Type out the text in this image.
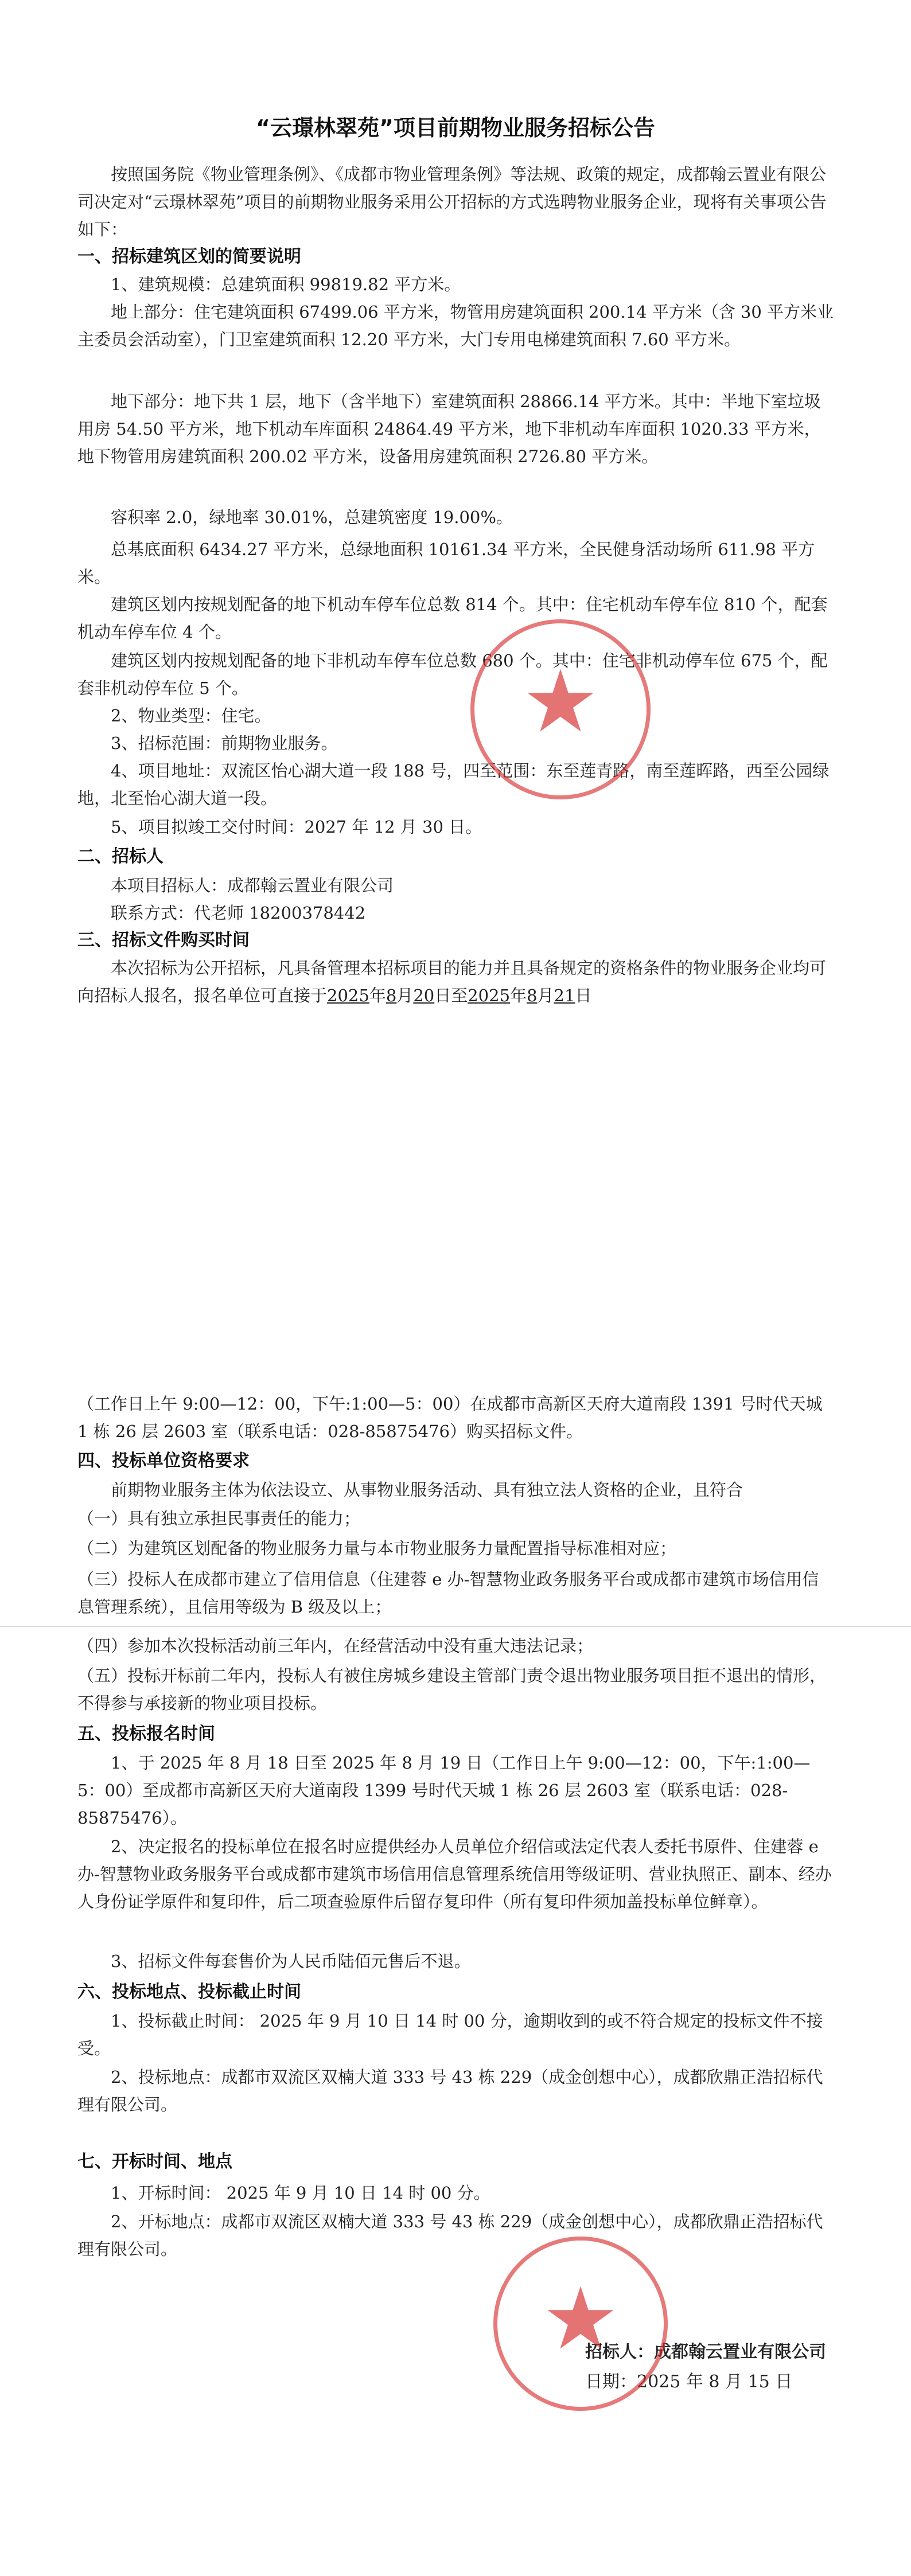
“云璟林翠苑”项目前期物业服务招标公告
按照国务院《物业管理条例》、《成都市物业管理条例》等法规、政策的规定，成都翰云置业有限公司决定对“云璟林翠苑”项目的前期物业服务采用公开招标的方式选聘物业服务企业，现将有关事项公告如下：
一、招标建筑区划的简要说明
1、建筑规模：总建筑面积 99819.82 平方米。
地上部分：住宅建筑面积 67499.06 平方米，物管用房建筑面积 200.14 平方米（含 30 平方米业主委员会活动室），门卫室建筑面积 12.20 平方米，大门专用电梯建筑面积 7.60 平方米。
地下部分：地下共 1 层，地下（含半地下）室建筑面积 28866.14 平方米。其中：半地下室垃圾用房 54.50 平方米，地下机动车库面积 24864.49 平方米，地下非机动车库面积 1020.33 平方米，地下物管用房建筑面积 200.02 平方米，设备用房建筑面积 2726.80 平方米。
容积率 2.0，绿地率 30.01%，总建筑密度 19.00%。
总基底面积 6434.27 平方米，总绿地面积 10161.34 平方米，全民健身活动场所 611.98 平方米。
建筑区划内按规划配备的地下机动车停车位总数 814 个。其中：住宅机动车停车位 810 个，配套机动车停车位 4 个。
建筑区划内按规划配备的地下非机动车停车位总数 680 个。其中：住宅非机动停车位 675 个，配套非机动停车位 5 个。
2、物业类型：住宅。
3、招标范围：前期物业服务。
4、项目地址：双流区怡心湖大道一段 188 号，四至范围：东至莲青路，南至莲晖路，西至公园绿地，北至怡心湖大道一段。
5、项目拟竣工交付时间：2027 年 12 月 30 日。
二、招标人
本项目招标人：成都翰云置业有限公司
联系方式：代老师 18200378442
三、招标文件购买时间
本次招标为公开招标，凡具备管理本招标项目的能力并且具备规定的资格条件的物业服务企业均可向招标人报名，报名单位可直接于2025年8月20日至2025年8月21日
（工作日上午 9:00—12：00，下午:1:00—5：00）在成都市高新区天府大道南段 1391 号时代天城 1 栋 26 层 2603 室（联系电话：028-85875476）购买招标文件。
四、投标单位资格要求
前期物业服务主体为依法设立、从事物业服务活动、具有独立法人资格的企业，且符合
（一）具有独立承担民事责任的能力；
（二）为建筑区划配备的物业服务力量与本市物业服务力量配置指导标准相对应；
（三）投标人在成都市建立了信用信息（住建蓉 e 办-智慧物业政务服务平台或成都市建筑市场信用信息管理系统），且信用等级为 B 级及以上；
（四）参加本次投标活动前三年内，在经营活动中没有重大违法记录；
（五）投标开标前二年内，投标人有被住房城乡建设主管部门责令退出物业服务项目拒不退出的情形，不得参与承接新的物业项目投标。
五、投标报名时间
1、于 2025 年 8 月 18 日至 2025 年 8 月 19 日（工作日上午 9:00—12：00，下午:1:00—5：00）至成都市高新区天府大道南段 1399 号时代天城 1 栋 26 层 2603 室（联系电话：028-85875476）。
2、决定报名的投标单位在报名时应提供经办人员单位介绍信或法定代表人委托书原件、住建蓉 e 办-智慧物业政务服务平台或成都市建筑市场信用信息管理系统信用等级证明、营业执照正、副本、经办人身份证学原件和复印件，后二项查验原件后留存复印件（所有复印件须加盖投标单位鲜章）。
3、招标文件每套售价为人民币陆佰元售后不退。
六、投标地点、投标截止时间
1、投标截止时间： 2025 年 9 月 10 日 14 时 00 分，逾期收到的或不符合规定的投标文件不接受。
2、投标地点：成都市双流区双楠大道 333 号 43 栋 229（成金创想中心），成都欣鼎正浩招标代理有限公司。
七、开标时间、地点
1、开标时间： 2025 年 9 月 10 日 14 时 00 分。
2、开标地点：成都市双流区双楠大道 333 号 43 栋 229（成金创想中心），成都欣鼎正浩招标代理有限公司。
招标人：成都翰云置业有限公司
日期：2025 年 8 月 15 日
★
★
